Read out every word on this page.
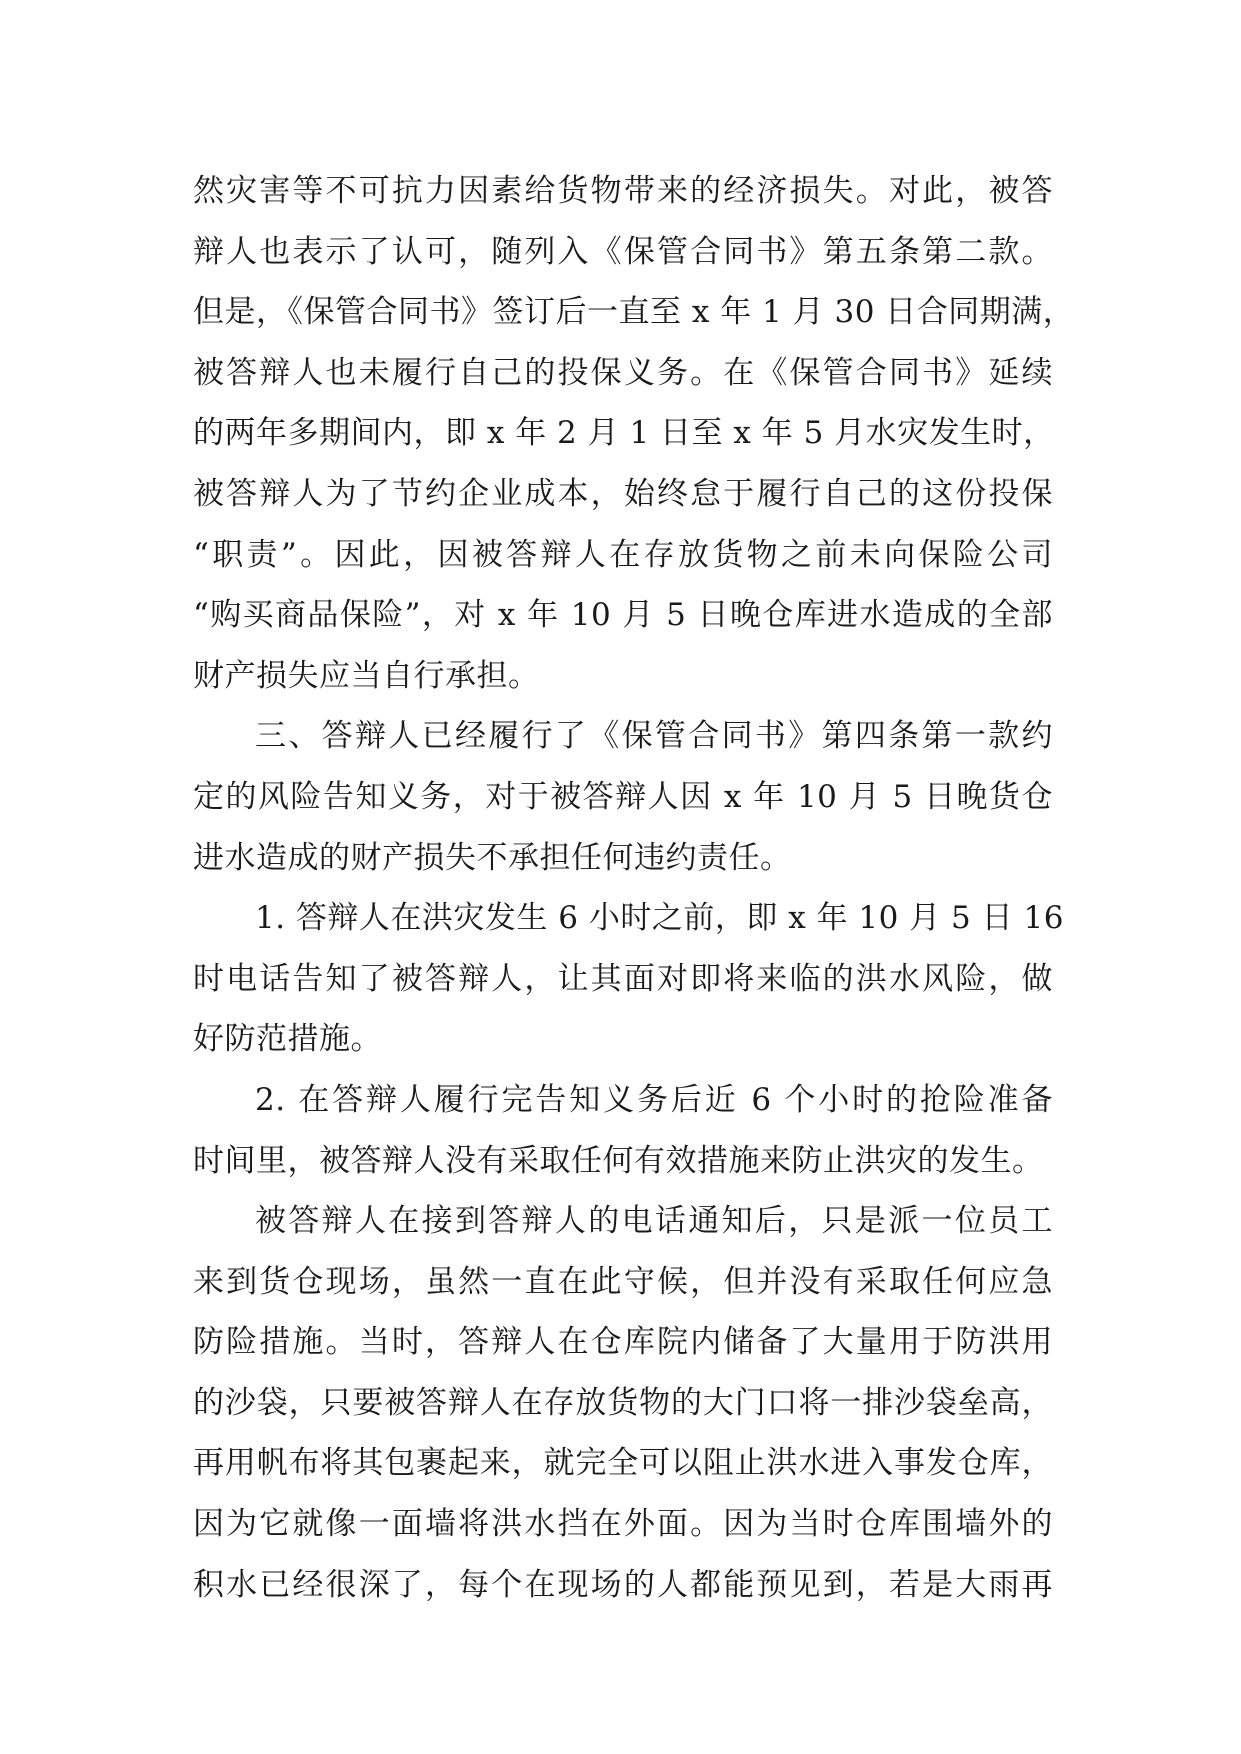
然灾害等不可抗力因素给货物带来的经济损失。对此，被答
辩人也表示了认可，随列入《保管合同书》第五条第二款。
但是，《保管合同书》签订后一直至 x 年 1 月 30 日合同期满，
被答辩人也未履行自己的投保义务。在《保管合同书》延续
的两年多期间内，即 x 年 2 月 1 日至 x 年 5 月水灾发生时，
被答辩人为了节约企业成本，始终怠于履行自己的这份投保
“职责”。因此，因被答辩人在存放货物之前未向保险公司
“购买商品保险”，对 x 年 10 月 5 日晚仓库进水造成的全部
财产损失应当自行承担。
三、答辩人已经履行了《保管合同书》第四条第一款约
定的风险告知义务，对于被答辩人因 x 年 10 月 5 日晚货仓
进水造成的财产损失不承担任何违约责任。
1. 答辩人在洪灾发生 6 小时之前，即 x 年 10 月 5 日 16
时电话告知了被答辩人，让其面对即将来临的洪水风险，做
好防范措施。
2. 在答辩人履行完告知义务后近 6 个小时的抢险准备
时间里，被答辩人没有采取任何有效措施来防止洪灾的发生。
被答辩人在接到答辩人的电话通知后，只是派一位员工
来到货仓现场，虽然一直在此守候，但并没有采取任何应急
防险措施。当时，答辩人在仓库院内储备了大量用于防洪用
的沙袋，只要被答辩人在存放货物的大门口将一排沙袋垒高，
再用帆布将其包裹起来，就完全可以阻止洪水进入事发仓库，
因为它就像一面墙将洪水挡在外面。因为当时仓库围墙外的
积水已经很深了，每个在现场的人都能预见到，若是大雨再
